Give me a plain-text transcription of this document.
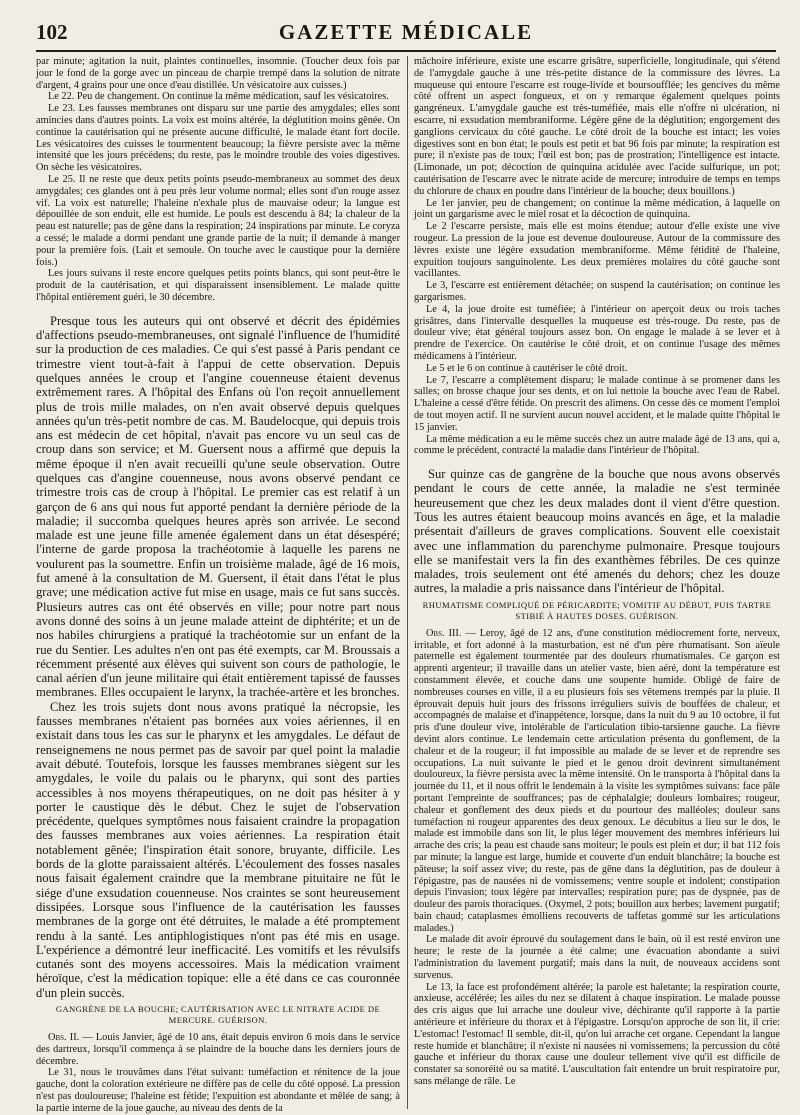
102	GAZETTE MÉDICALE

par minute; agitation la nuit, plaintes continuelles, insomnie. (Toucher deux fois par jour le fond de la gorge avec un pinceau de charpie trempé dans la solution de nitrate d'argent, 4 grains pour une once d'eau distillée. Un vésicatoire aux cuisses.)

Le 22. Peu de changement. On continue la même médication, sauf les vésicatoires.

Le 23. Les fausses membranes ont disparu sur une partie des amygdales; elles sont amincies dans d'autres points. La voix est moins altérée, la déglutition moins gênée. On continue la cautérisation qui ne présente aucune difficulté, le malade étant fort docile. Les vésicatoires des cuisses le tourmentent beaucoup; la fièvre persiste avec la même intensité que les jours précédens; du reste, pas le moindre trouble des voies digestives. On sèche les vésicatoires.

Le 25. Il ne reste que deux petits points pseudo-membraneux au sommet des deux amygdales; ces glandes ont à peu près leur volume normal; elles sont d'un rouge assez vif. La voix est naturelle; l'haleine n'exhale plus de mauvaise odeur; la langue est dépouillée de son enduit, elle est humide. Le pouls est descendu à 84; la chaleur de la peau est naturelle; pas de gêne dans la respiration; 24 inspirations par minute. Le coryza a cessé; le malade a dormi pendant une grande partie de la nuit; il demande à manger pour la première fois. (Lait et semoule. On touche avec le caustique pour la dernière fois.)

Les jours suivans il reste encore quelques petits points blancs, qui sont peut-être le produit de la cautérisation, et qui disparaissent insensiblement. Le malade quitte l'hôpital entièrement guéri, le 30 décembre.

Presque tous les auteurs qui ont observé et décrit des épidémies d'affections pseudo-membraneuses, ont signalé l'influence de l'humidité sur la production de ces maladies. Ce qui s'est passé à Paris pendant ce trimestre vient tout-à-fait à l'appui de cette observation. Depuis quelques années le croup et l'angine couenneuse étaient devenus extrêmement rares. A l'hôpital des Enfans où l'on reçoit annuellement plus de trois mille malades, on n'en avait observé depuis quelques années qu'un très-petit nombre de cas. M. Baudelocque, qui depuis trois ans est médecin de cet hôpital, n'avait pas encore vu un seul cas de croup dans son service; et M. Guersent nous a affirmé que depuis la même époque il n'en avait recueilli qu'une seule observation. Outre quelques cas d'angine couenneuse, nous avons observé pendant ce trimestre trois cas de croup à l'hôpital. Le premier cas est relatif à un garçon de 6 ans qui nous fut apporté pendant la dernière période de la maladie; il succomba quelques heures après son arrivée. Le second malade est une jeune fille amenée également dans un état désespéré; l'interne de garde proposa la trachéotomie à laquelle les parens ne voulurent pas la soumettre. Enfin un troisième malade, âgé de 16 mois, fut amené à la consultation de M. Guersent, il était dans l'état le plus grave; une médication active fut mise en usage, mais ce fut sans succès. Plusieurs autres cas ont été observés en ville; pour notre part nous avons donné des soins à un jeune malade atteint de diphtérite; et un de nos habiles chirurgiens a pratiqué la trachéotomie sur un enfant de la rue du Sentier. Les adultes n'en ont pas été exempts, car M. Broussais a récemment présenté aux élèves qui suivent son cours de pathologie, le canal aérien d'un jeune militaire qui était entièrement tapissé de fausses membranes. Elles occupaient le larynx, la trachée-artère et les bronches.

Chez les trois sujets dont nous avons pratiqué la nécropsie, les fausses membranes n'étaient pas bornées aux voies aériennes, il en existait dans tous les cas sur le pharynx et les amygdales. Le défaut de renseignemens ne nous permet pas de savoir par quel point la maladie avait débuté. Toutefois, lorsque les fausses membranes siègent sur les amygdales, le voile du palais ou le pharynx, qui sont des parties accessibles à nos moyens thérapeutiques, on ne doit pas hésiter à y porter le caustique dès le début. Chez le sujet de l'observation précédente, quelques symptômes nous faisaient craindre la propagation des fausses membranes aux voies aériennes. La respiration était notablement gênée; l'inspiration était sonore, bruyante, difficile. Les bords de la glotte paraissaient altérés. L'écoulement des fosses nasales nous faisait également craindre que la membrane pituitaire ne fût le siége d'une exsudation couenneuse. Nos craintes se sont heureusement dissipées. Lorsque sous l'influence de la cautérisation les fausses membranes de la gorge ont été détruites, le malade a été promptement rendu à la santé. Les antiphlogistiques n'ont pas été mis en usage. L'expérience a démontré leur inefficacité. Les vomitifs et les révulsifs cutanés sont des moyens accessoires. Mais la médication vraiment héroïque, c'est la médication topique: elle a été dans ce cas couronnée d'un plein succès.

GANGRÈNE DE LA BOUCHE; CAUTÉRISATION AVEC LE NITRATE ACIDE DE MERCURE. GUÉRISON.

Obs. II. — Louis Janvier, âgé de 10 ans, était depuis environ 6 mois dans le service des dartreux, lorsqu'il commença à se plaindre de la bouche dans les derniers jours de décembre.

Le 31, nous le trouvâmes dans l'état suivant: tuméfaction et rénitence de la joue gauche, dont la coloration extérieure ne diffère pas de celle du côté opposé. La pression n'est pas douloureuse; l'haleine est fétide; l'expuition est abondante et mêlée de sang; à la partie interne de la joue gauche, au niveau des dents de la

mâchoire inférieure, existe une escarre grisâtre, superficielle, longitudinale, qui s'étend de l'amygdale gauche à une très-petite distance de la commissure des lèvres. La muqueuse qui entoure l'escarre est rouge-livide et boursoufflée; les gencives du même côté offrent un aspect fongueux, et on y remarque également quelques points gangréneux. L'amygdale gauche est très-tuméfiée, mais elle n'offre ni ulcération, ni escarre, ni exsudation membraniforme. Légère gêne de la déglutition; engorgement des ganglions cervicaux du côté gauche. Le côté droit de la bouche est intact; les voies digestives sont en bon état; le pouls est petit et bat 96 fois par minute; la respiration est pure; il n'existe pas de toux; l'œil est bon; pas de prostration; l'intelligence est intacte. (Limonade, un pot; décoction de quinquina acidulée avec l'acide sulfurique, un pot; cautérisation de l'escarre avec le nitrate acide de mercure; introduire de temps en temps du chlorure de chaux en poudre dans l'intérieur de la bouche; deux bouillons.)

Le 1er janvier, peu de changement; on continue la même médication, à laquelle on joint un gargarisme avec le miel rosat et la décoction de quinquina.

Le 2 l'escarre persiste, mais elle est moins étendue; autour d'elle existe une vive rougeur. La pression de la joue est devenue douloureuse. Autour de la commissure des lèvres existe une légère exsudation membraniforme. Même fétidité de l'haleine, expuition toujours sanguinolente. Les deux premières molaires du côté gauche sont vacillantes.

Le 3, l'escarre est entièrement détachée; on suspend la cautérisation; on continue les gargarismes.

Le 4, la joue droite est tuméfiée; à l'intérieur on aperçoit deux ou trois taches grisâtres, dans l'intervalle desquelles la muqueuse est très-rouge. Du reste, pas de douleur vive; état général toujours assez bon. On engage le malade à se lever et à prendre de l'exercice. On cautérise le côté droit, et on continue l'usage des mêmes médicamens à l'intérieur.

Le 5 et le 6 on continue à cautériser le côté droit.

Le 7, l'escarre a complètement disparu; le malade continue à se promener dans les salles; on brosse chaque jour ses dents, et on lui nettoie la bouche avec l'eau de Rabel. L'haleine a cessé d'être fétide. On prescrit des alimens. On cesse dès ce moment l'emploi de tout moyen actif. Il ne survient aucun nouvel accident, et le malade quitte l'hôpital le 15 janvier.

La même médication a eu le même succès chez un autre malade âgé de 13 ans, qui a, comme le précédent, contracté la maladie dans l'intérieur de l'hôpital.

Sur quinze cas de gangrène de la bouche que nous avons observés pendant le cours de cette année, la maladie ne s'est terminée heureusement que chez les deux malades dont il vient d'être question. Tous les autres étaient beaucoup moins avancés en âge, et la maladie présentait d'ailleurs de graves complications. Souvent elle coexistait avec une inflammation du parenchyme pulmonaire. Presque toujours elle se manifestait vers la fin des exanthèmes fébriles. De ces quinze malades, trois seulement ont été amenés du dehors; chez les douze autres, la maladie a pris naissance dans l'intérieur de l'hôpital.

RHUMATISME COMPLIQUÉ DE PÉRICARDITE; VOMITIF AU DÉBUT, PUIS TARTRE STIBIÉ À HAUTES DOSES. GUÉRISON.

Obs. III. — Leroy, âgé de 12 ans, d'une constitution médiocrement forte, nerveux, irritable, et fort adonné à la masturbation, est né d'un père rhumatisant. Son aïeule paternelle est également tourmentée par des douleurs rhumatismales. Ce garçon est apprenti argenteur; il travaille dans un atelier vaste, bien aéré, dont la température est constamment élevée, et couche dans une soupente humide. Obligé de faire de nombreuses courses en ville, il a eu plusieurs fois ses vêtemens trempés par la pluie. Il éprouvait depuis huit jours des frissons irréguliers suivis de bouffées de chaleur, et accompagnés de malaise et d'inappétence, lorsque, dans la nuit du 9 au 10 octobre, il fut pris d'une douleur vive, intolérable de l'articulation tibio-tarsienne gauche. La fièvre devint alors continue. Le lendemain cette articulation présenta du gonflement, de la chaleur et de la rougeur; il fut impossible au malade de se lever et de reprendre ses occupations. La nuit suivante le pied et le genou droit devinrent simultanément douloureux, la fièvre persista avec la même intensité. On le transporta à l'hôpital dans la journée du 11, et il nous offrit le lendemain à la visite les symptômes suivans: face pâle portant l'empreinte de souffrances; pas de céphalalgie; douleurs lombaires; rougeur, chaleur et gonflement des deux pieds et du pourtour des malléoles; douleur sans tuméfaction ni rougeur apparentes des deux genoux. Le décubitus a lieu sur le dos, le malade est immobile dans son lit, le plus léger mouvement des membres inférieurs lui arrache des cris; la peau est chaude sans moiteur; le pouls est plein et dur; il bat 112 fois par minute; la langue est large, humide et couverte d'un enduit blanchâtre; la bouche est pâteuse; la soif assez vive; du reste, pas de gêne dans la déglutition, pas de douleur à l'épigastre, pas de nausées ni de vomissemens; ventre souple et indolent; constipation depuis l'invasion; toux légère par intervalles; respiration pure; pas de dyspnée, pas de douleur des parois thoraciques. (Oxymel, 2 pots; bouillon aux herbes; lavement purgatif; bain chaud; cataplasmes émolliens recouverts de taffetas gommé sur les articulations malades.)

Le malade dit avoir éprouvé du soulagement dans le bain, où il est resté environ une heure; le reste de la journée a été calme; une évacuation abondante a suivi l'administration du lavement purgatif; mais dans la nuit, de nouveaux accidens sont survenus.

Le 13, la face est profondément altérée; la parole est haletante; la respiration courte, anxieuse, accélérée; les ailes du nez se dilatent à chaque inspiration. Le malade pousse des cris aigus que lui arrache une douleur vive, déchirante qu'il rapporte à la partie antérieure et inférieure du thorax et à l'épigastre. Lorsqu'on approche de son lit, il crie: L'estomac! l'estomac! Il semble, dit-il, qu'on lui arrache cet organe. Cependant la langue reste humide et blanchâtre; il n'existe ni nausées ni vomissemens; la percussion du côté gauche et inférieur du thorax cause une douleur tellement vive qu'il est difficile de constater sa sonoréité ou sa matité. L'auscultation fait entendre un bruit respiratoire pur, sans mélange de râle. Le
